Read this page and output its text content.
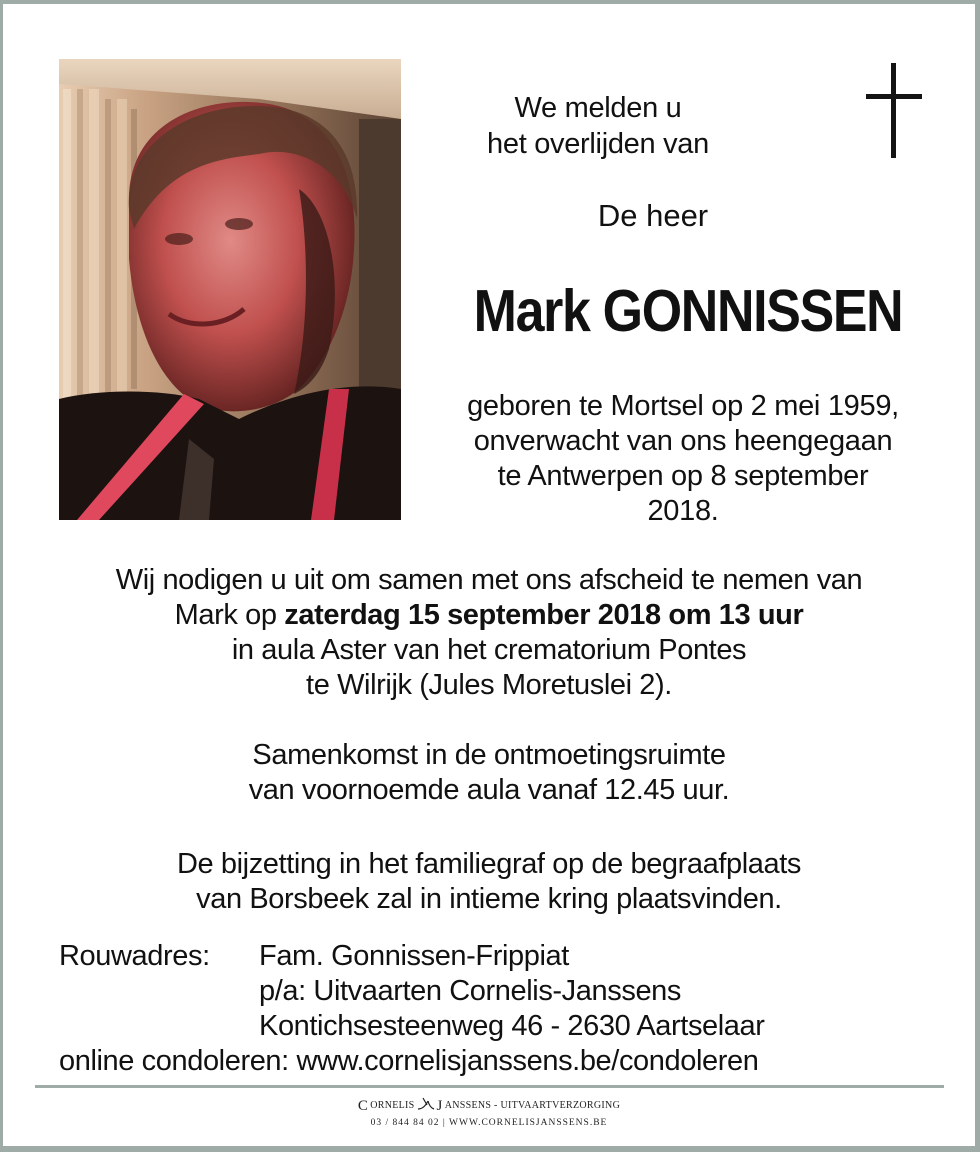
We melden u
het overlijden van
De heer
Mark GONNISSEN
geboren te Mortsel op 2 mei 1959,
onverwacht van ons heengegaan
te Antwerpen op 8 september
2018.
Wij nodigen u uit om samen met ons afscheid te nemen van
Mark op zaterdag 15 september 2018 om 13 uur
in aula Aster van het crematorium Pontes
te Wilrijk (Jules Moretuslei 2).
Samenkomst in de ontmoetingsruimte
van voornoemde aula vanaf 12.45 uur.
De bijzetting in het familiegraf op de begraafplaats
van Borsbeek zal in intieme kring plaatsvinden.
Rouwadres:	Fam. Gonnissen-Frippiat
p/a: Uitvaarten Cornelis-Janssens
Kontichsesteenweg 46 - 2630 Aartselaar
online condoleren: www.cornelisjanssens.be/condoleren
C ORNELIS J ANSSENS - UITVAARTVERZORGING
03 / 844 84 02 | WWW.CORNELISJANSSENS.BE
